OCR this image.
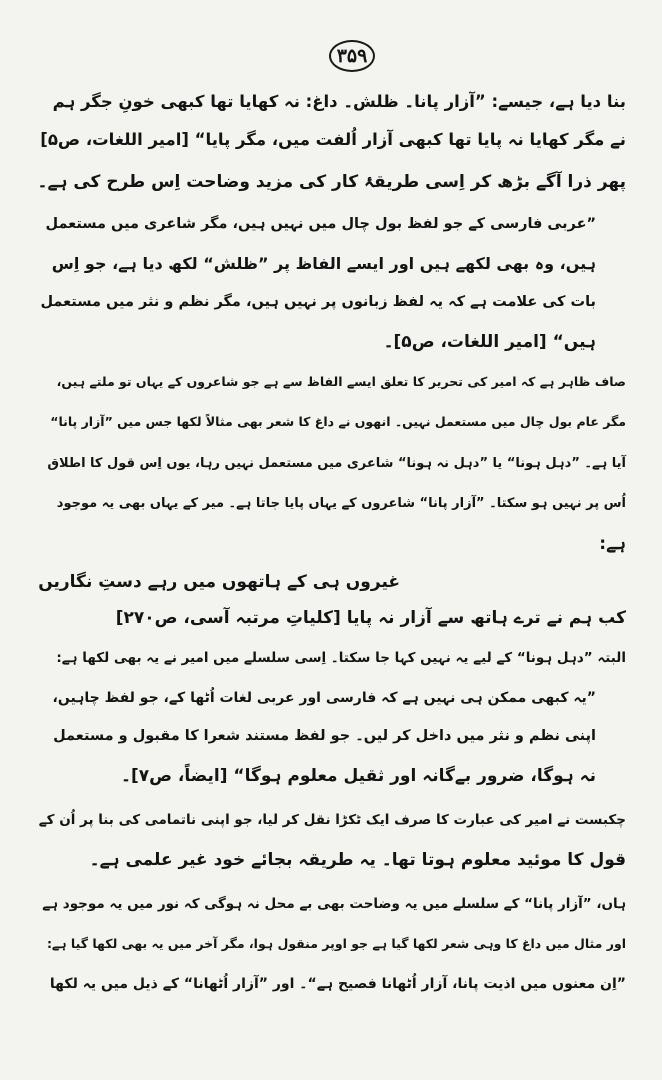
۳۵۹
بنا دیا ہے، جیسے: ”آزار پانا۔ ظلش۔ داغ: نہ کھایا تھا کبھی خونِ جگر ہم
نے مگر کھایا نہ پایا تھا کبھی آزار اُلفت میں، مگر پایا“ [امیر اللغات، ص۵]
پھر ذرا آگے بڑھ کر اِسی طریقۂ کار کی مزید وضاحت اِس طرح کی ہے۔
”عربی فارسی کے جو لفظ بول چال میں نہیں ہیں، مگر شاعری میں مستعمل
ہیں، وہ بھی لکھے ہیں اور ایسے الفاظ پر ”ظلش“ لکھ دیا ہے، جو اِس
بات کی علامت ہے کہ یہ لفظ زبانوں پر نہیں ہیں، مگر نظم و نثر میں مستعمل
ہیں“ [امیر اللغات، ص۵]۔
صاف ظاہر ہے کہ امیر کی تحریر کا تعلق ایسے الفاظ سے ہے جو شاعروں کے یہاں تو ملتے ہیں،
مگر عام بول چال میں مستعمل نہیں۔ انھوں نے داغ کا شعر بھی مثالاً لکھا جس میں ”آزار پانا“
آیا ہے۔ ”دہل ہونا“ یا ”دہل نہ ہونا“ شاعری میں مستعمل نہیں رہا، یوں اِس قول کا اطلاق
اُس پر نہیں ہو سکتا۔ ”آزار پانا“ شاعروں کے یہاں پایا جاتا ہے۔ میر کے یہاں بھی یہ موجود
ہے:
غیروں ہی کے ہاتھوں میں رہے دستِ نگاریں
کب ہم نے ترے ہاتھ سے آزار نہ پایا [کلیاتِ مرتبہ آسی، ص۲۷۰]
البتہ ”دہل ہونا“ کے لیے یہ نہیں کہا جا سکتا۔ اِسی سلسلے میں امیر نے یہ بھی لکھا ہے:
”یہ کبھی ممکن ہی نہیں ہے کہ فارسی اور عربی لغات اُٹھا کے، جو لفظ چاہیں،
اپنی نظم و نثر میں داخل کر لیں۔ جو لفظ مستند شعرا کا مقبول و مستعمل
نہ ہوگا، ضرور بےگانہ اور ثقیل معلوم ہوگا“ [ایضاً، ص۷]۔
چکبست نے امیر کی عبارت کا صرف ایک ٹکڑا نقل کر لیا، جو اپنی ناتمامی کی بنا پر اُن کے
قول کا موئید معلوم ہوتا تھا۔ یہ طریقہ بجائے خود غیر علمی ہے۔
ہاں، ”آزار پانا“ کے سلسلے میں یہ وضاحت بھی بے محل نہ ہوگی کہ نور میں یہ موجود ہے
اور مثال میں داغ کا وہی شعر لکھا گیا ہے جو اوپر منقول ہوا، مگر آخر میں یہ بھی لکھا گیا ہے:
”اِن معنوں میں اذیت پانا، آزار اُٹھانا فصیح ہے“۔ اور ”آزار اُٹھانا“ کے ذیل میں یہ لکھا
